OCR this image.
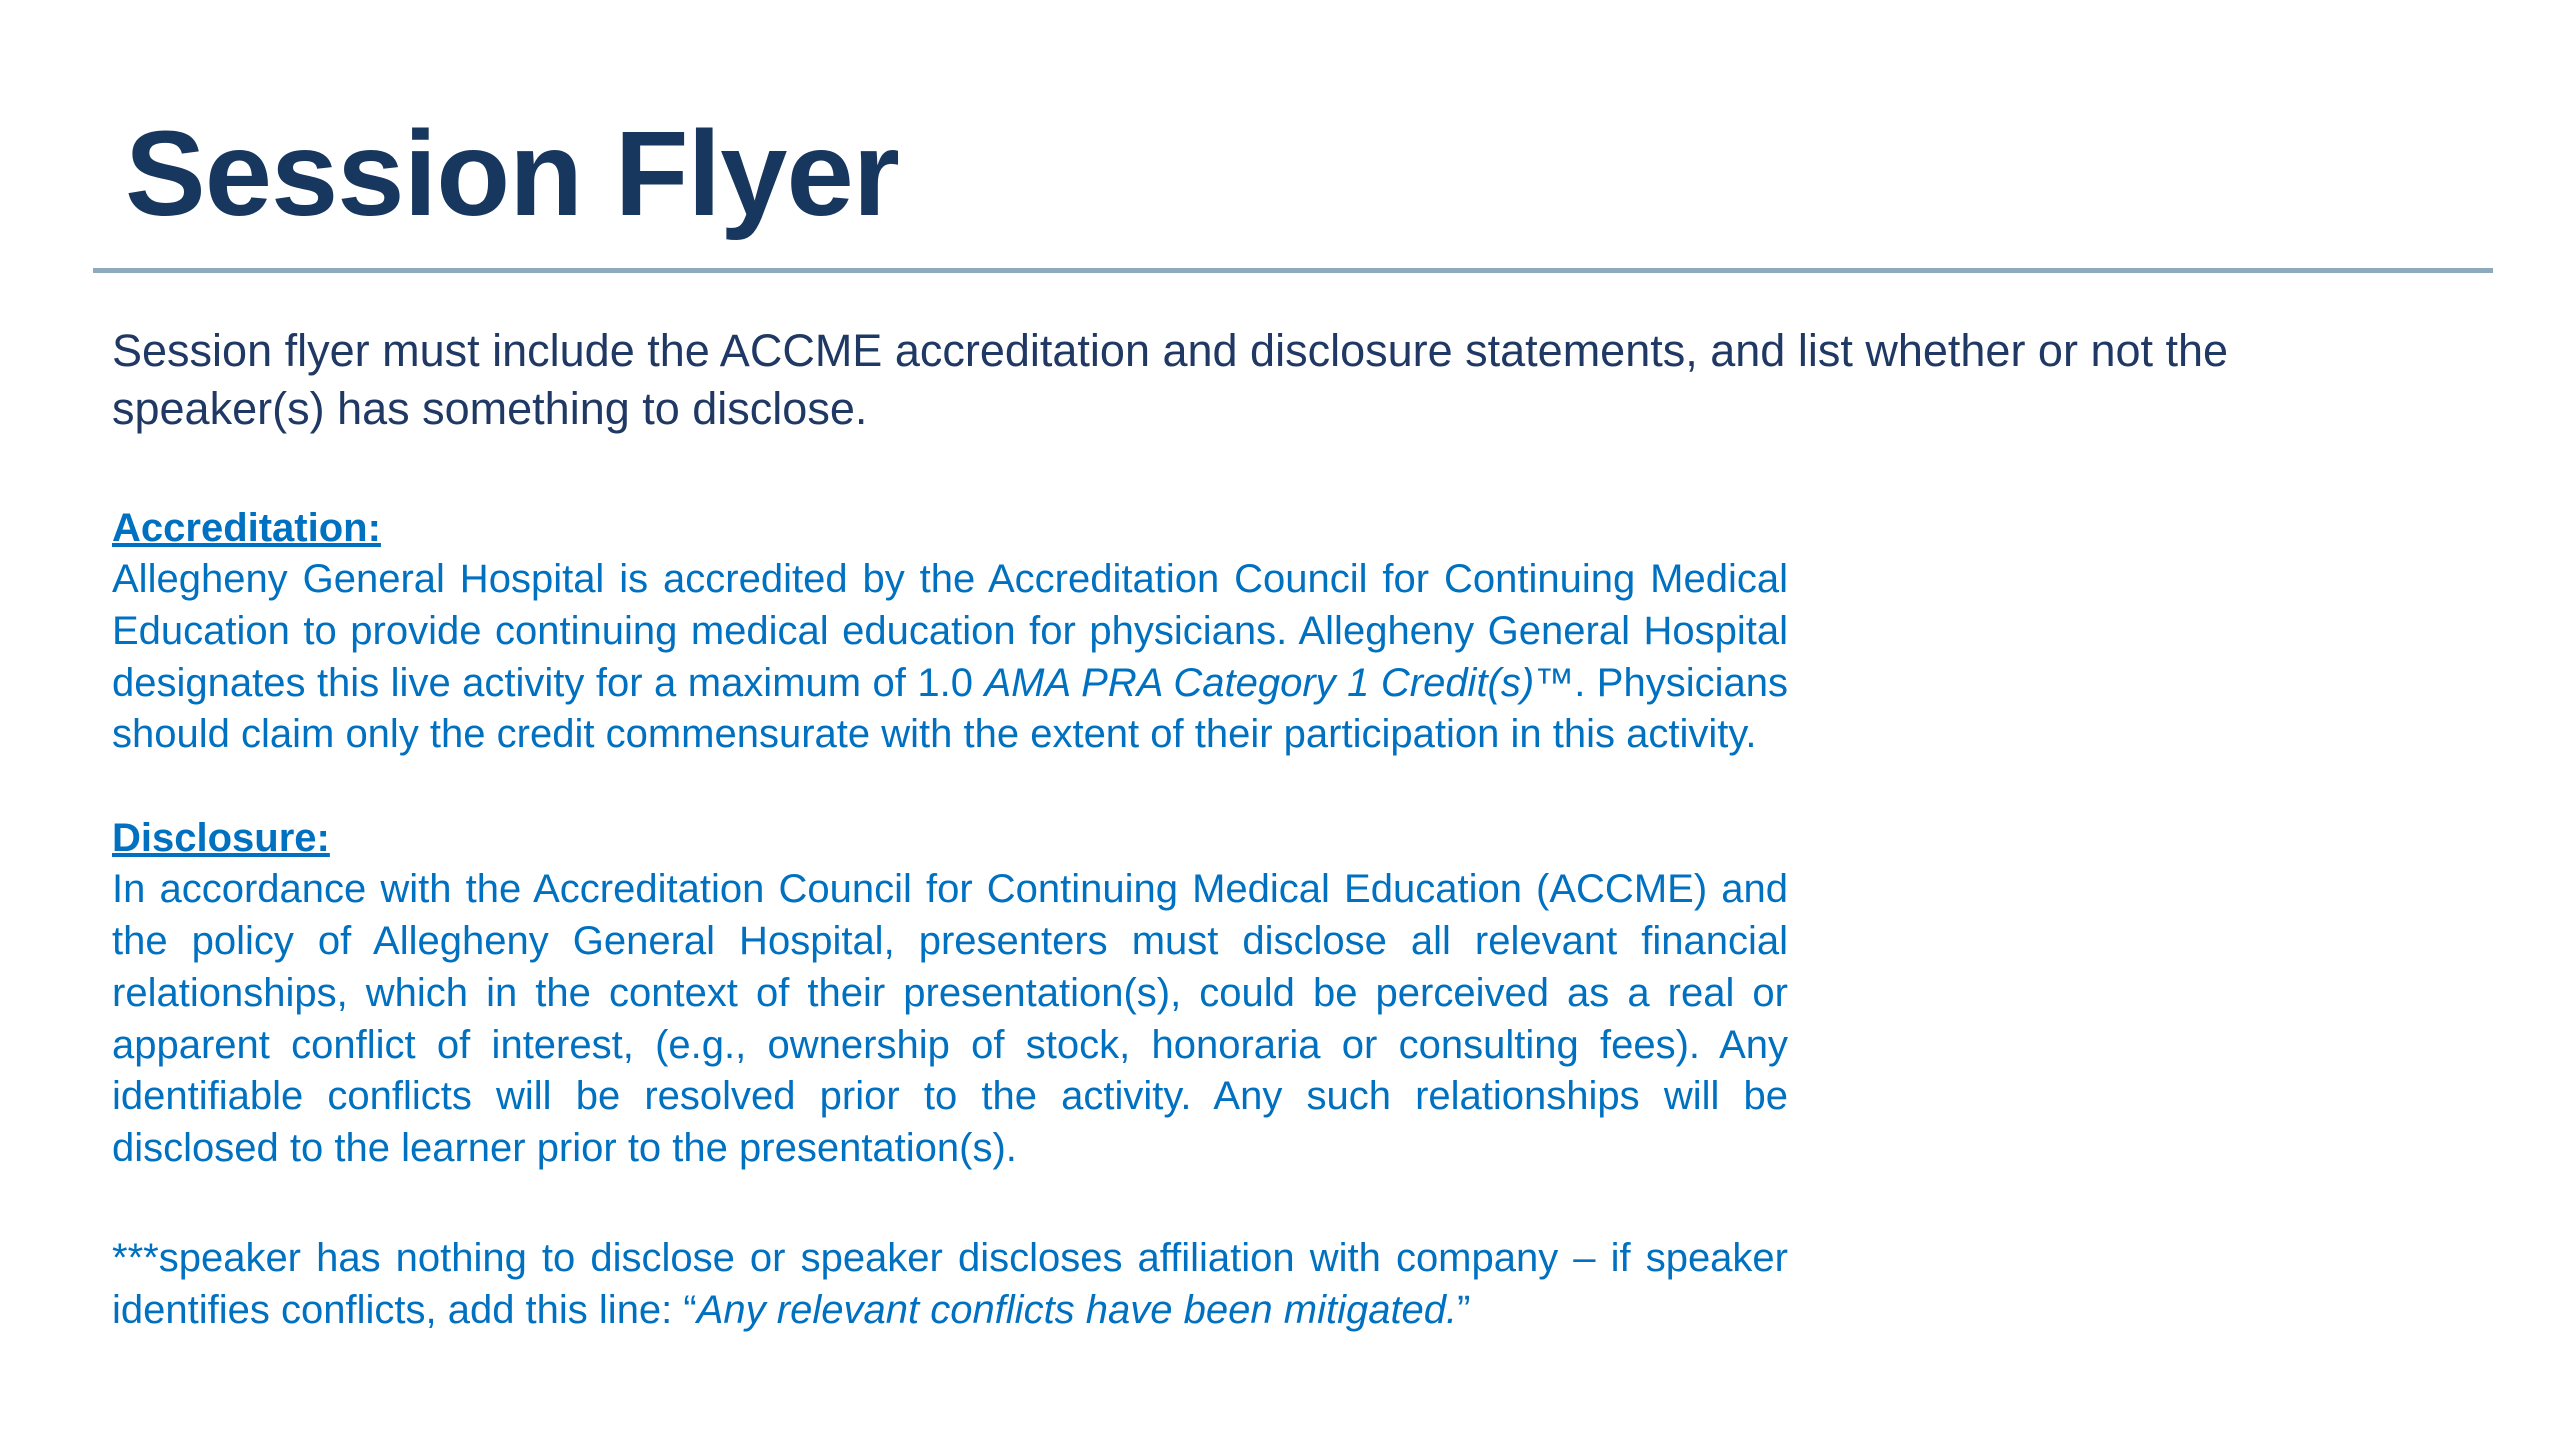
Session Flyer

Session flyer must include the ACCME accreditation and disclosure statements, and list whether or not the speaker(s) has something to disclose.

Accreditation:

Allegheny General Hospital is accredited by the Accreditation Council for Continuing Medical Education to provide continuing medical education for physicians. Allegheny General Hospital designates this live activity for a maximum of 1.0 AMA PRA Category 1 Credit(s)™. Physicians should claim only the credit commensurate with the extent of their participation in this activity.

Disclosure:

In accordance with the Accreditation Council for Continuing Medical Education (ACCME) and the policy of Allegheny General Hospital, presenters must disclose all relevant financial relationships, which in the context of their presentation(s), could be perceived as a real or apparent conflict of interest, (e.g., ownership of stock, honoraria or consulting fees). Any identifiable conflicts will be resolved prior to the activity. Any such relationships will be disclosed to the learner prior to the presentation(s).

***speaker has nothing to disclose or speaker discloses affiliation with company – if speaker identifies conflicts, add this line: “Any relevant conflicts have been mitigated.”
